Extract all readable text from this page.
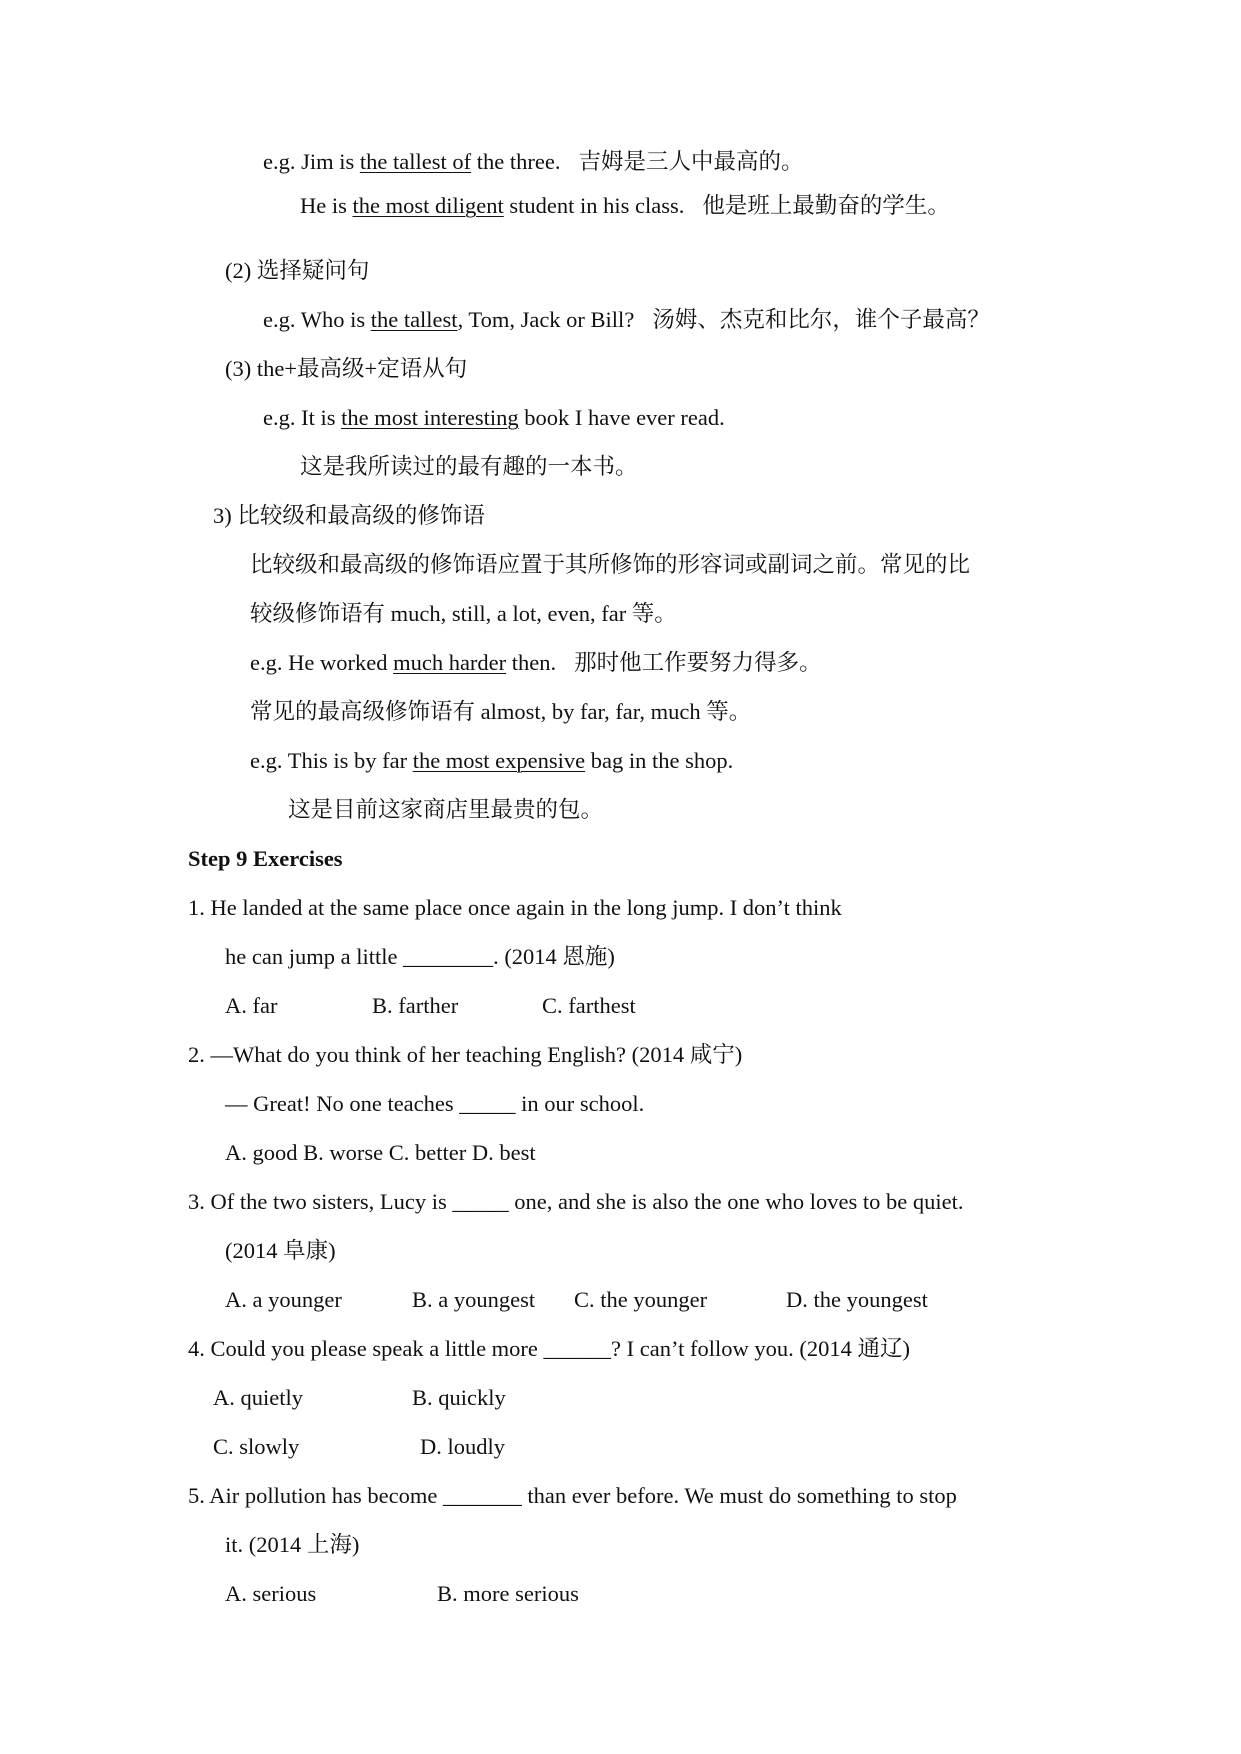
e.g. Jim is the tallest of the three. 吉姆是三人中最高的。
He is the most diligent student in his class. 他是班上最勤奋的学生。
(2) 选择疑问句
e.g. Who is the tallest, Tom, Jack or Bill? 汤姆、杰克和比尔，谁个子最高？
(3) the+最高级+定语从句
e.g. It is the most interesting book I have ever read.
这是我所读过的最有趣的一本书。
3) 比较级和最高级的修饰语
比较级和最高级的修饰语应置于其所修饰的形容词或副词之前。常见的比
较级修饰语有 much, still, a lot, even, far 等。
e.g. He worked much harder then. 那时他工作要努力得多。
常见的最高级修饰语有 almost, by far, far, much 等。
e.g. This is by far the most expensive bag in the shop.
这是目前这家商店里最贵的包。
Step 9 Exercises
1. He landed at the same place once again in the long jump. I don’t think
he can jump a little ________. (2014 恩施)
A. far	B. farther	C. farthest
2. —What do you think of her teaching English? (2014 咸宁)
— Great! No one teaches _____ in our school.
A. good B. worse C. better D. best
3. Of the two sisters, Lucy is _____ one, and she is also the one who loves to be quiet.
(2014 阜康)
A. a younger	B. a youngest C. the younger	D. the youngest
4. Could you please speak a little more ______? I can’t follow you. (2014 通辽)
A. quietly	B. quickly
C. slowly	D. loudly
5. Air pollution has become _______ than ever before. We must do something to stop
it. (2014 上海)
A. serious	B. more serious
